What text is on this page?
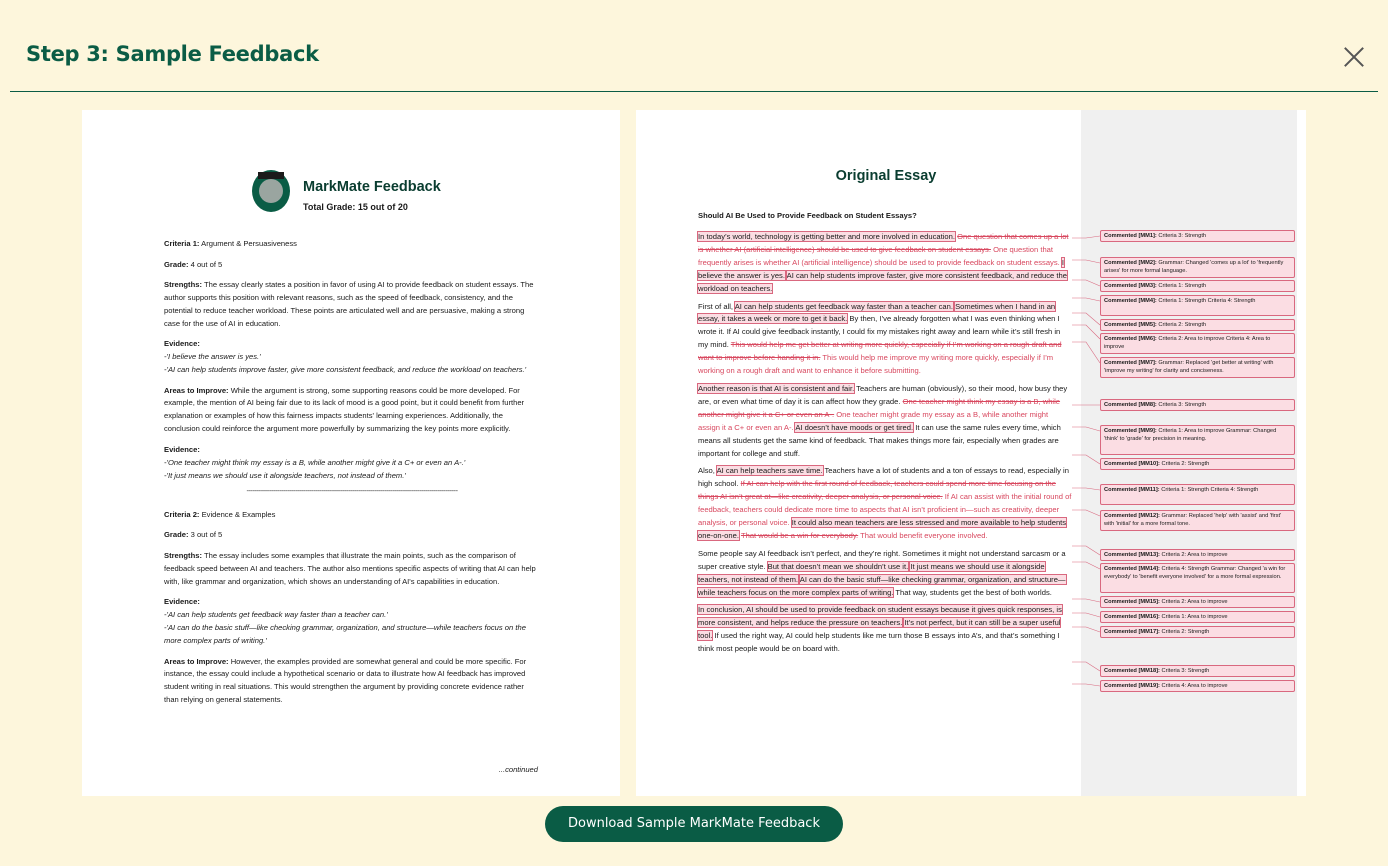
Step 3: Sample Feedback
MarkMate Feedback
Total Grade: 15 out of 20

Criteria 1: Argument & Persuasiveness

Grade: 4 out of 5

Strengths: The essay clearly states a position in favor of using AI to provide feedback on student essays. The author supports this position with relevant reasons, such as the speed of feedback, consistency, and the potential to reduce teacher workload. These points are articulated well and are persuasive, making a strong case for the use of AI in education.

Evidence:

-'I believe the answer is yes.'

-'AI can help students improve faster, give more consistent feedback, and reduce the workload on teachers.'

Areas to Improve: While the argument is strong, some supporting reasons could be more developed. For example, the mention of AI being fair due to its lack of mood is a good point, but it could benefit from further explanation or examples of how this fairness impacts students' learning experiences. Additionally, the conclusion could reinforce the argument more powerfully by summarizing the key points more explicitly.

Evidence:

-'One teacher might think my essay is a B, while another might give it a C+ or even an A-.'

-'It just means we should use it alongside teachers, not instead of them.'

--------------------------------------------------------------------------------------------------------

Criteria 2: Evidence & Examples

Grade: 3 out of 5

Strengths: The essay includes some examples that illustrate the main points, such as the comparison of feedback speed between AI and teachers. The author also mentions specific aspects of writing that AI can help with, like grammar and organization, which shows an understanding of AI's capabilities in education.

Evidence:

-'AI can help students get feedback way faster than a teacher can.'

-'AI can do the basic stuff—like checking grammar, organization, and structure—while teachers focus on the more complex parts of writing.'

Areas to Improve: However, the examples provided are somewhat general and could be more specific. For instance, the essay could include a hypothetical scenario or data to illustrate how AI feedback has improved student writing in real situations. This would strengthen the argument by providing concrete evidence rather than relying on general statements.

...continued
Original Essay
Should AI Be Used to Provide Feedback on Student Essays?

In today’s world, technology is getting better and more involved in education. One question that comes up a lot is whether AI (artificial intelligence) should be used to give feedback on student essays. One question that frequently arises is whether AI (artificial intelligence) should be used to provide feedback on student essays. I believe the answer is yes. AI can help students improve faster, give more consistent feedback, and reduce the workload on teachers.

First of all, AI can help students get feedback way faster than a teacher can. Sometimes when I hand in an essay, it takes a week or more to get it back. By then, I’ve already forgotten what I was even thinking when I wrote it. If AI could give feedback instantly, I could fix my mistakes right away and learn while it’s still fresh in my mind. This would help me get better at writing more quickly, especially if I’m working on a rough draft and want to improve before handing it in. This would help me improve my writing more quickly, especially if I’m working on a rough draft and want to enhance it before submitting.

Another reason is that AI is consistent and fair. Teachers are human (obviously), so their mood, how busy they are, or even what time of day it is can affect how they grade. One teacher might think my essay is a B, while another might give it a C+ or even an A-. One teacher might grade my essay as a B, while another might assign it a C+ or even an A-. AI doesn’t have moods or get tired. It can use the same rules every time, which means all students get the same kind of feedback. That makes things more fair, especially when grades are important for college and stuff.

Also, AI can help teachers save time. Teachers have a lot of students and a ton of essays to read, especially in high school. If AI can help with the first round of feedback, teachers could spend more time focusing on the things AI isn’t great at—like creativity, deeper analysis, or personal voice. If AI can assist with the initial round of feedback, teachers could dedicate more time to aspects that AI isn’t proficient in—such as creativity, deeper analysis, or personal voice. It could also mean teachers are less stressed and more available to help students one-on-one. That would be a win for everybody. That would benefit everyone involved.

Some people say AI feedback isn’t perfect, and they’re right. Sometimes it might not understand sarcasm or a super creative style. But that doesn’t mean we shouldn’t use it. It just means we should use it alongside teachers, not instead of them. AI can do the basic stuff—like checking grammar, organization, and structure—while teachers focus on the more complex parts of writing. That way, students get the best of both worlds.

In conclusion, AI should be used to provide feedback on student essays because it gives quick responses, is more consistent, and helps reduce the pressure on teachers. It’s not perfect, but it can still be a super useful tool. If used the right way, AI could help students like me turn those B essays into A’s, and that’s something I think most people would be on board with.

Commented [MM1]: Criteria 3: Strength
Commented [MM2]: Grammar: Changed 'comes up a lot' to 'frequently arises' for more formal language.
Commented [MM3]: Criteria 1: Strength
Commented [MM4]: Criteria 1: Strength Criteria 4: Strength
Commented [MM5]: Criteria 2: Strength
Commented [MM6]: Criteria 2: Area to improve Criteria 4: Area to improve
Commented [MM7]: Grammar: Replaced 'get better at writing' with 'improve my writing' for clarity and conciseness.
Commented [MM8]: Criteria 3: Strength
Commented [MM9]: Criteria 1: Area to improve Grammar: Changed 'think' to 'grade' for precision in meaning.
Commented [MM10]: Criteria 2: Strength
Commented [MM11]: Criteria 1: Strength Criteria 4: Strength
Commented [MM12]: Grammar: Replaced 'help' with 'assist' and 'first' with 'initial' for a more formal tone.
Commented [MM13]: Criteria 2: Area to improve
Commented [MM14]: Criteria 4: Strength Grammar: Changed 'a win for everybody' to 'benefit everyone involved' for a more formal expression.
Commented [MM15]: Criteria 2: Area to improve
Commented [MM16]: Criteria 1: Area to improve
Commented [MM17]: Criteria 2: Strength
Commented [MM18]: Criteria 3: Strength
Commented [MM19]: Criteria 4: Area to improve
Download Sample MarkMate Feedback
